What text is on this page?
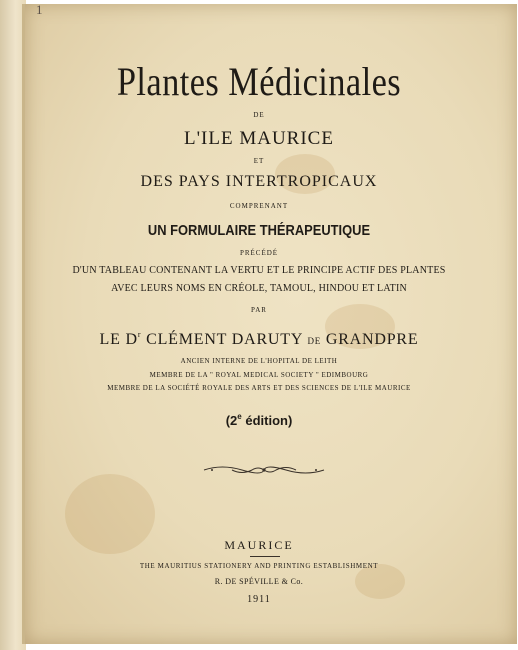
1
Plantes Médicinales
DE
L'ILE MAURICE
ET
DES PAYS INTERTROPICAUX
COMPRENANT
UN FORMULAIRE THÉRAPEUTIQUE
PRÉCÉDÉ
D'UN TABLEAU CONTENANT LA VERTU ET LE PRINCIPE ACTIF DES PLANTES
AVEC LEURS NOMS EN CRÉOLE, TAMOUL, HINDOU ET LATIN
PAR
LE $D^r$ CLÉMENT DARUTY DE GRANDPRE
ANCIEN INTERNE DE L'HOPITAL DE LEITH
MEMBRE DE LA " ROYAL MEDICAL SOCIETY " EDIMBOURG
MEMBRE DE LA SOCIÉTÉ ROYALE DES ARTS ET DES SCIENCES DE L'ILE MAURICE
(2e édition)
MAURICE
THE MAURITIUS STATIONERY AND PRINTING ESTABLISHMENT
R. DE SPÉVILLE & Co.
1911
